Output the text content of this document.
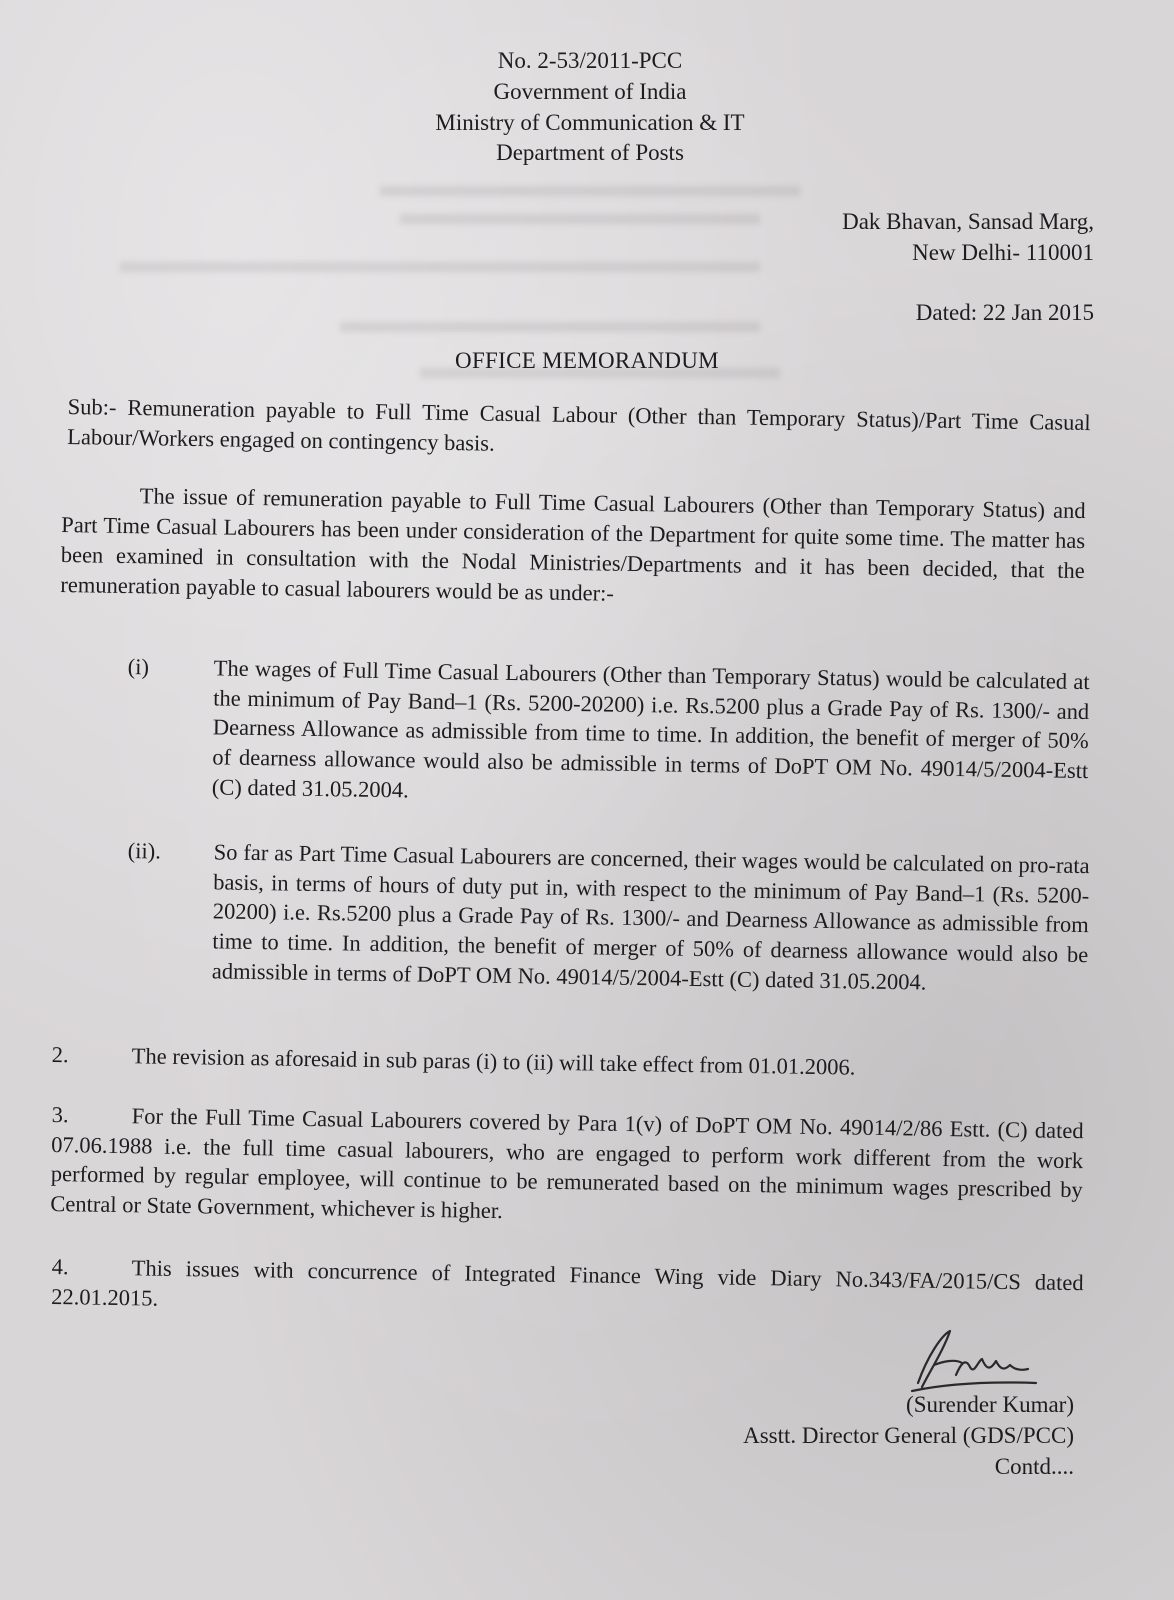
No. 2-53/2011-PCC
Government of India
Ministry of Communication & IT
Department of Posts
Dak Bhavan, Sansad Marg,
New Delhi- 110001
Dated: 22 Jan 2015
OFFICE MEMORANDUM
Sub:- Remuneration payable to Full Time Casual Labour (Other than Temporary Status)/Part Time Casual Labour/Workers engaged on contingency basis.
The issue of remuneration payable to Full Time Casual Labourers (Other than Temporary Status) and Part Time Casual Labourers has been under consideration of the Department for quite some time. The matter has been examined in consultation with the Nodal Ministries/Departments and it has been decided, that the remuneration payable to casual labourers would be as under:-
(i)	The wages of Full Time Casual Labourers (Other than Temporary Status) would be calculated at the minimum of Pay Band–1 (Rs. 5200-20200) i.e. Rs.5200 plus a Grade Pay of Rs. 1300/- and Dearness Allowance as admissible from time to time. In addition, the benefit of merger of 50% of dearness allowance would also be admissible in terms of DoPT OM No. 49014/5/2004-Estt (C) dated 31.05.2004.
(ii).	So far as Part Time Casual Labourers are concerned, their wages would be calculated on pro-rata basis, in terms of hours of duty put in, with respect to the minimum of Pay Band–1 (Rs. 5200-20200) i.e. Rs.5200 plus a Grade Pay of Rs. 1300/- and Dearness Allowance as admissible from time to time. In addition, the benefit of merger of 50% of dearness allowance would also be admissible in terms of DoPT OM No. 49014/5/2004-Estt (C) dated 31.05.2004.
2.	The revision as aforesaid in sub paras (i) to (ii) will take effect from 01.01.2006.
3.	For the Full Time Casual Labourers covered by Para 1(v) of DoPT OM No. 49014/2/86 Estt. (C) dated 07.06.1988 i.e. the full time casual labourers, who are engaged to perform work different from the work performed by regular employee, will continue to be remunerated based on the minimum wages prescribed by Central or State Government, whichever is higher.
4.	This issues with concurrence of Integrated Finance Wing vide Diary No.343/FA/2015/CS dated 22.01.2015.
(Surender Kumar)
Asstt. Director General (GDS/PCC)
Contd....
